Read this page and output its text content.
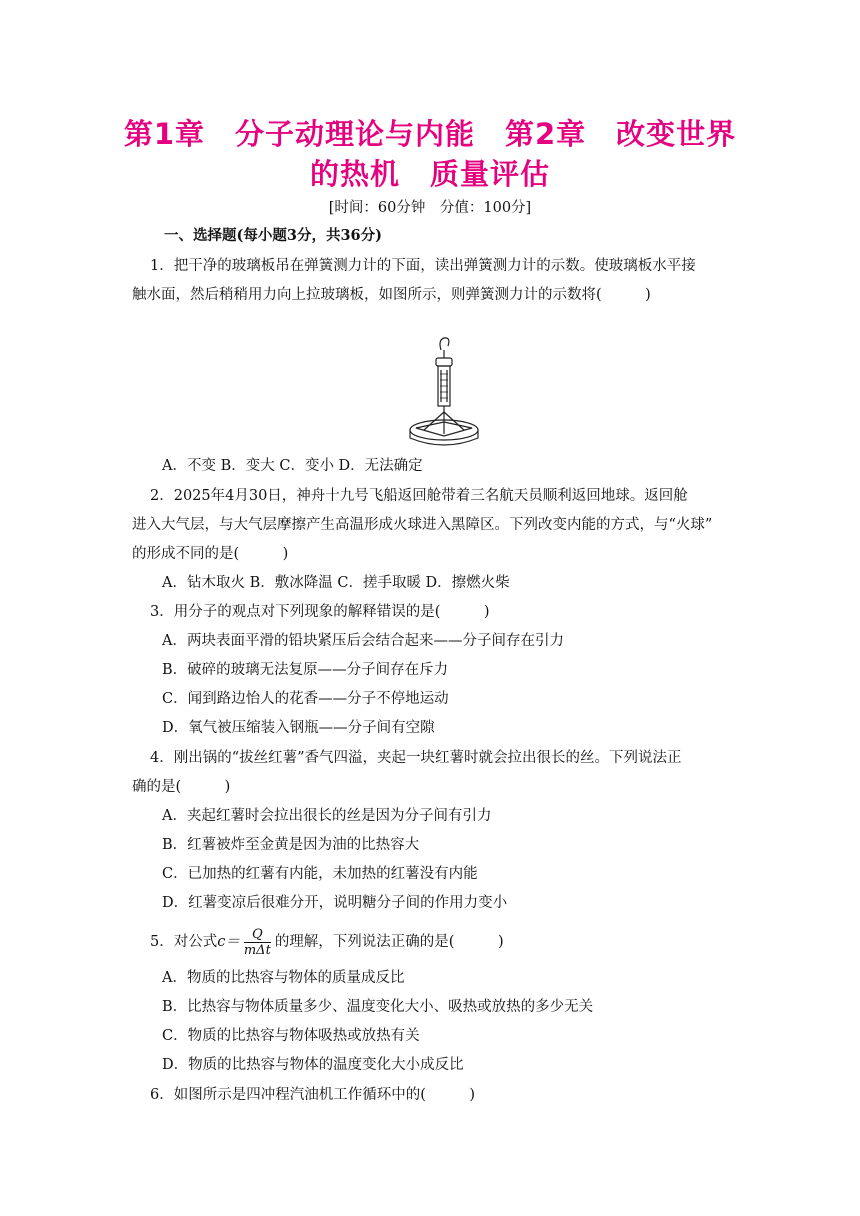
第1章　分子动理论与内能　第2章　改变世界
的热机　质量评估

[时间：60分钟　分值：100分]

一、选择题(每小题3分，共36分)

1．把干净的玻璃板吊在弹簧测力计的下面，读出弹簧测力计的示数。使玻璃板水平接

触水面，然后稍稍用力向上拉玻璃板，如图所示，则弹簧测力计的示数将(　　　)

A．不变 B．变大 C．变小 D．无法确定

2．2025年4月30日，神舟十九号飞船返回舱带着三名航天员顺利返回地球。返回舱

进入大气层，与大气层摩擦产生高温形成火球进入黑障区。下列改变内能的方式，与“火球”

的形成不同的是(　　　)

A．钻木取火 B．敷冰降温 C．搓手取暖 D．擦燃火柴

3．用分子的观点对下列现象的解释错误的是(　　　)

A．两块表面平滑的铅块紧压后会结合起来——分子间存在引力

B．破碎的玻璃无法复原——分子间存在斥力

C．闻到路边怡人的花香——分子不停地运动

D．氧气被压缩装入钢瓶——分子间有空隙

4．刚出锅的“拔丝红薯”香气四溢，夹起一块红薯时就会拉出很长的丝。下列说法正

确的是(　　　)

A．夹起红薯时会拉出很长的丝是因为分子间有引力

B．红薯被炸至金黄是因为油的比热容大

C．已加热的红薯有内能，未加热的红薯没有内能

D．红薯变凉后很难分开，说明糖分子间的作用力变小

5．对公式$c= \frac{Q}{\text{mΔt}}$ 的理解，下列说法正确的是(　　　)

A．物质的比热容与物体的质量成反比

B．比热容与物体质量多少、温度变化大小、吸热或放热的多少无关

C．物质的比热容与物体吸热或放热有关

D．物质的比热容与物体的温度变化大小成反比

6．如图所示是四冲程汽油机工作循环中的(　　　)
